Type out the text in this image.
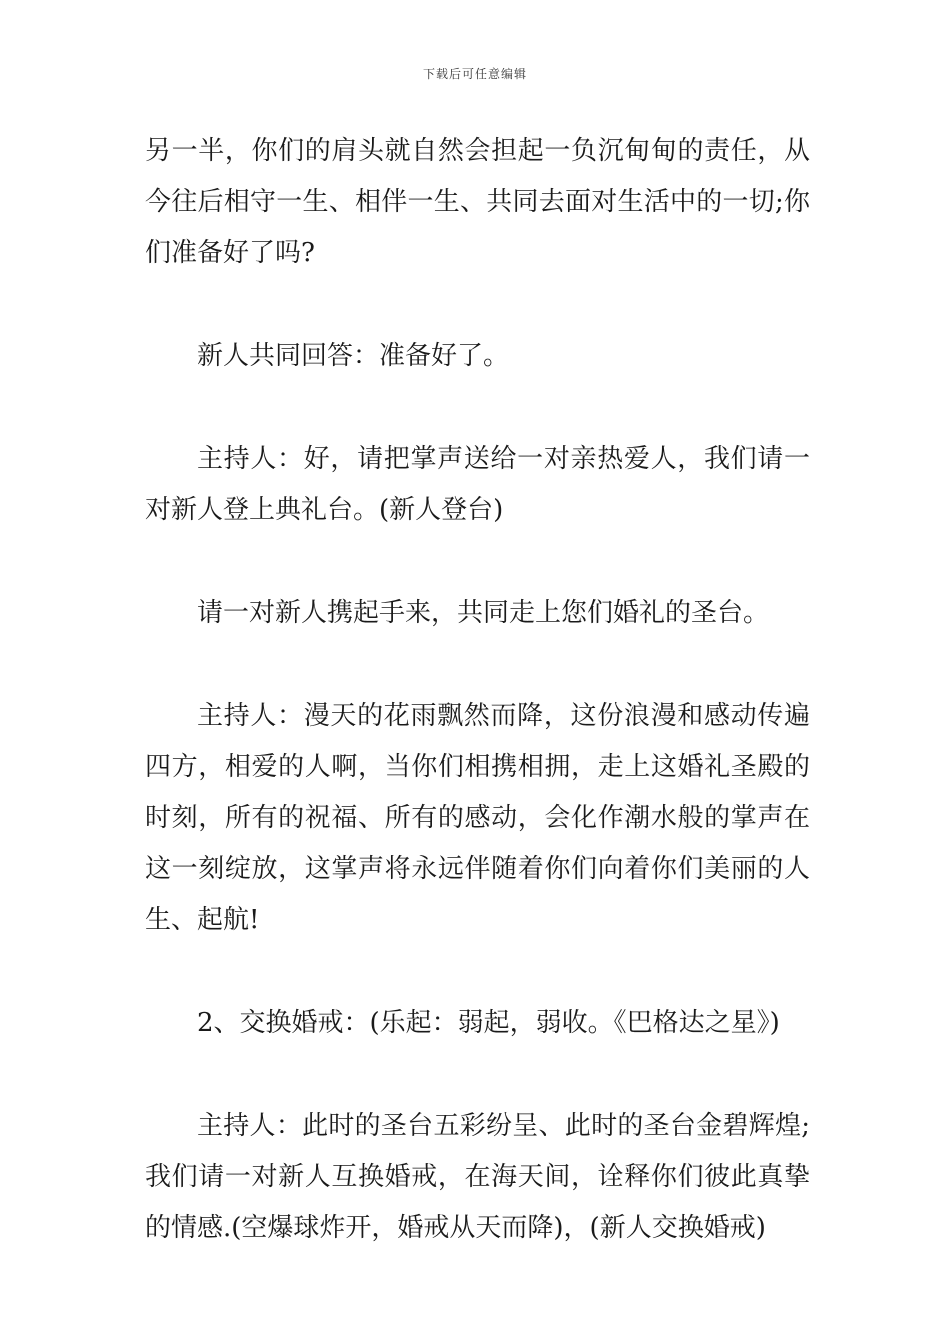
下载后可任意编辑

另一半，你们的肩头就自然会担起一负沉甸甸的责任，从今往后相守一生、相伴一生、共同去面对生活中的一切;你们准备好了吗?

新人共同回答：准备好了。

主持人：好，请把掌声送给一对亲热爱人，我们请一对新人登上典礼台。(新人登台)

请一对新人携起手来，共同走上您们婚礼的圣台。

主持人：漫天的花雨飘然而降，这份浪漫和感动传遍四方，相爱的人啊，当你们相携相拥，走上这婚礼圣殿的时刻，所有的祝福、所有的感动，会化作潮水般的掌声在这一刻绽放，这掌声将永远伴随着你们向着你们美丽的人生、起航!

2、交换婚戒：(乐起：弱起，弱收。《巴格达之星》)

主持人：此时的圣台五彩纷呈、此时的圣台金碧辉煌;我们请一对新人互换婚戒，在海天间，诠释你们彼此真挚的情感.(空爆球炸开，婚戒从天而降)，(新人交换婚戒)
